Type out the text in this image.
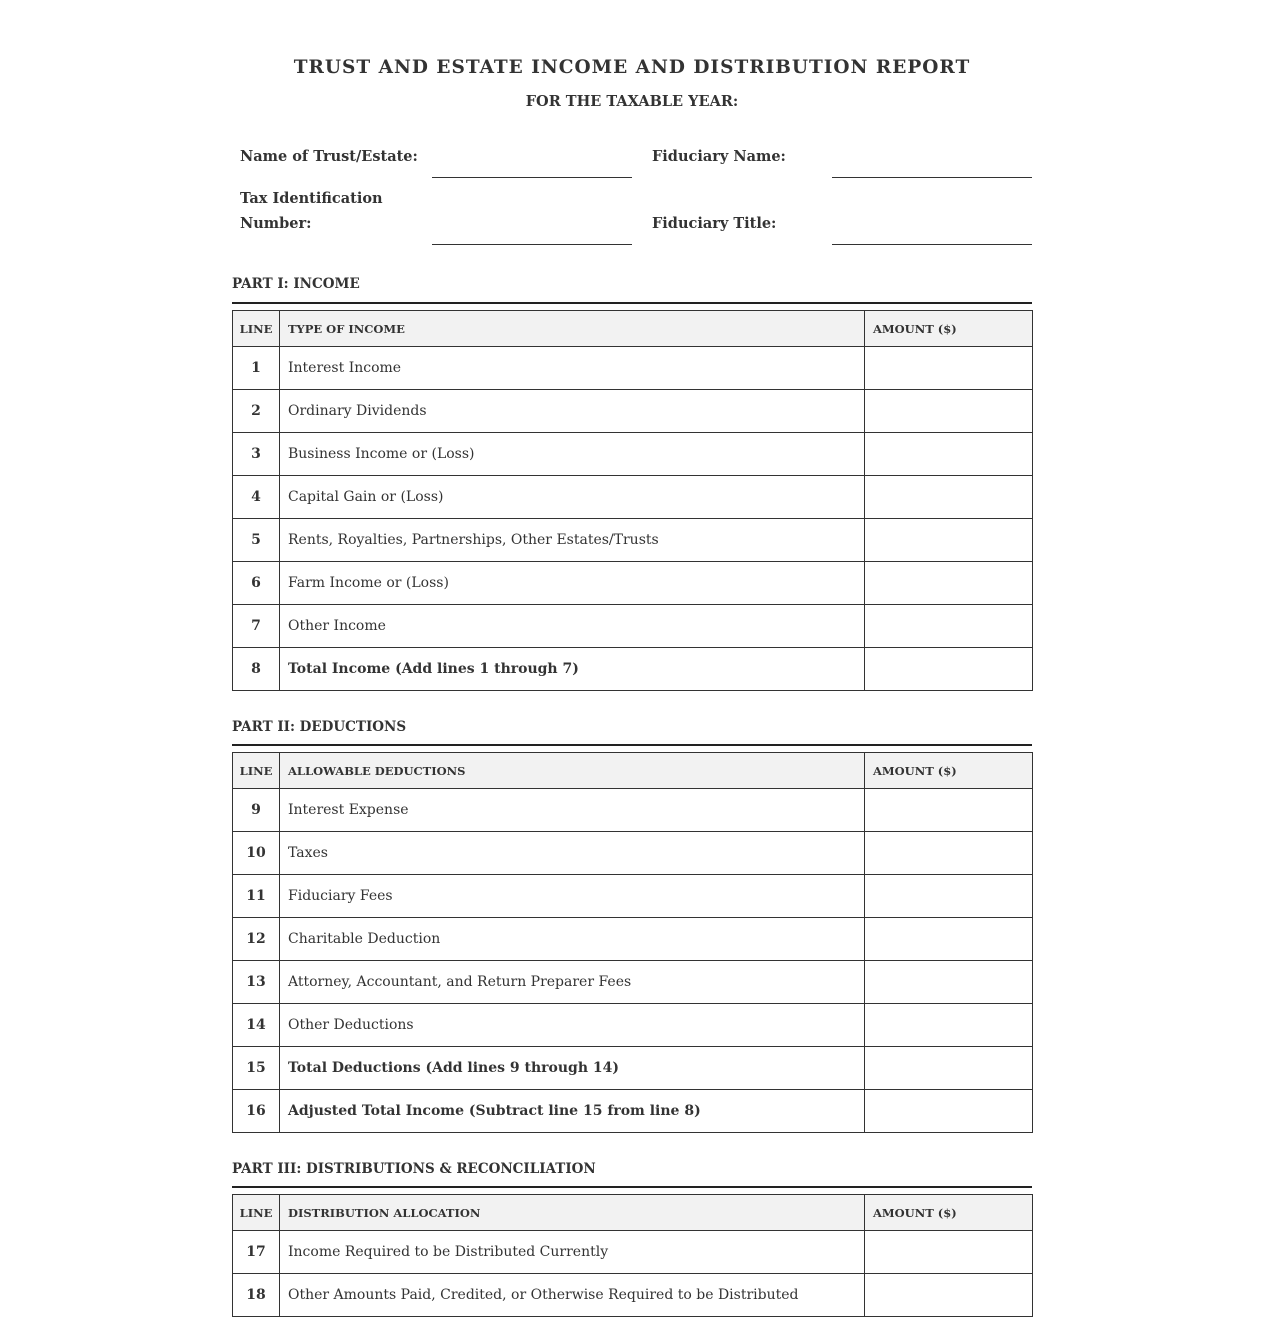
TRUST AND ESTATE INCOME AND DISTRIBUTION REPORT
FOR THE TAXABLE YEAR:
Name of Trust/Estate:	Fiduciary Name:
Tax Identification
Number:	Fiduciary Title:
PART I: INCOME
LINE	TYPE OF INCOME	AMOUNT ($)
1	Interest Income	
2	Ordinary Dividends	
3	Business Income or (Loss)	
4	Capital Gain or (Loss)	
5	Rents, Royalties, Partnerships, Other Estates/Trusts	
6	Farm Income or (Loss)	
7	Other Income	
8	Total Income (Add lines 1 through 7)	
PART II: DEDUCTIONS
LINE	ALLOWABLE DEDUCTIONS	AMOUNT ($)
9	Interest Expense	
10	Taxes	
11	Fiduciary Fees	
12	Charitable Deduction	
13	Attorney, Accountant, and Return Preparer Fees	
14	Other Deductions	
15	Total Deductions (Add lines 9 through 14)	
16	Adjusted Total Income (Subtract line 15 from line 8)	
PART III: DISTRIBUTIONS & RECONCILIATION
LINE	DISTRIBUTION ALLOCATION	AMOUNT ($)
17	Income Required to be Distributed Currently	
18	Other Amounts Paid, Credited, or Otherwise Required to be Distributed	
